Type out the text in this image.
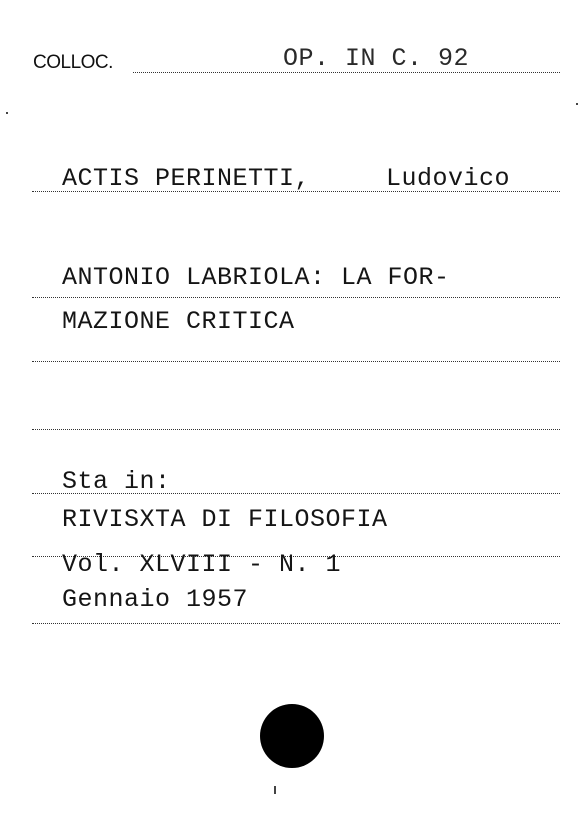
COLLOC.	OP. IN C. 92
ACTIS PERINETTI,	Ludovico
ANTONIO LABRIOLA: LA FOR-
MAZIONE CRITICA
Sta in:
RIVISXTA DI FILOSOFIA
Vol. XLVIII - N. 1
Gennaio 1957
